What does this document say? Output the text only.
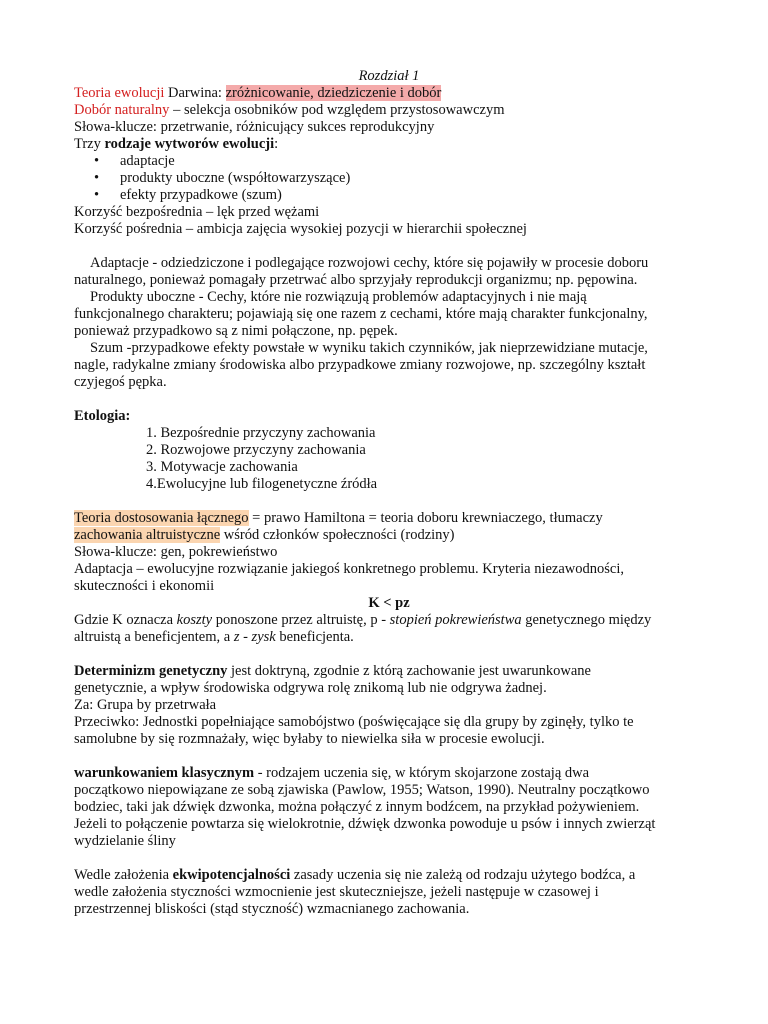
Rozdział 1
Teoria ewolucji Darwina: zróżnicowanie, dziedziczenie i dobór
Dobór naturalny – selekcja osobników pod względem przystosowawczym
Słowa-klucze: przetrwanie, różnicujący sukces reprodukcyjny
Trzy rodzaje wytworów ewolucji:
• adaptacje
• produkty uboczne (współtowarzyszące)
• efekty przypadkowe (szum)
Korzyść bezpośrednia – lęk przed wężami
Korzyść pośrednia – ambicja zajęcia wysokiej pozycji w hierarchii społecznej
Adaptacje - odziedziczone i podlegające rozwojowi cechy, które się pojawiły w procesie doboru
naturalnego, ponieważ pomagały przetrwać albo sprzyjały reprodukcji organizmu; np. pępowina.
Produkty uboczne - Cechy, które nie rozwiązują problemów adaptacyjnych i nie mają
funkcjonalnego charakteru; pojawiają się one razem z cechami, które mają charakter funkcjonalny,
ponieważ przypadkowo są z nimi połączone, np. pępek.
Szum -przypadkowe efekty powstałe w wyniku takich czynników, jak nieprzewidziane mutacje,
nagle, radykalne zmiany środowiska albo przypadkowe zmiany rozwojowe, np. szczególny kształt
czyjegoś pępka.
Etologia:
1. Bezpośrednie przyczyny zachowania
2. Rozwojowe przyczyny zachowania
3. Motywacje zachowania
4.Ewolucyjne lub filogenetyczne źródła
Teoria dostosowania łącznego = prawo Hamiltona = teoria doboru krewniaczego, tłumaczy
zachowania altruistyczne wśród członków społeczności (rodziny)
Słowa-klucze: gen, pokrewieństwo
Adaptacja – ewolucyjne rozwiązanie jakiegoś konkretnego problemu. Kryteria niezawodności,
skuteczności i ekonomii
K < pz
Gdzie K oznacza koszty ponoszone przez altruistę, p - stopień pokrewieństwa genetycznego między
altruistą a beneficjentem, a z - zysk beneficjenta.
Determinizm genetyczny jest doktryną, zgodnie z którą zachowanie jest uwarunkowane
genetycznie, a wpływ środowiska odgrywa rolę znikomą lub nie odgrywa żadnej.
Za: Grupa by przetrwała
Przeciwko: Jednostki popełniające samobójstwo (poświęcające się dla grupy by zginęły, tylko te
samolubne by się rozmnażały, więc byłaby to niewielka siła w procesie ewolucji.
warunkowaniem klasycznym - rodzajem uczenia się, w którym skojarzone zostają dwa
początkowo niepowiązane ze sobą zjawiska (Pawlow, 1955; Watson, 1990). Neutralny początkowo
bodziec, taki jak dźwięk dzwonka, można połączyć z innym bodźcem, na przykład pożywieniem.
Jeżeli to połączenie powtarza się wielokrotnie, dźwięk dzwonka powoduje u psów i innych zwierząt
wydzielanie śliny
Wedle założenia ekwipotencjalności zasady uczenia się nie zależą od rodzaju użytego bodźca, a
wedle założenia styczności wzmocnienie jest skuteczniejsze, jeżeli następuje w czasowej i
przestrzennej bliskości (stąd styczność) wzmacnianego zachowania.
